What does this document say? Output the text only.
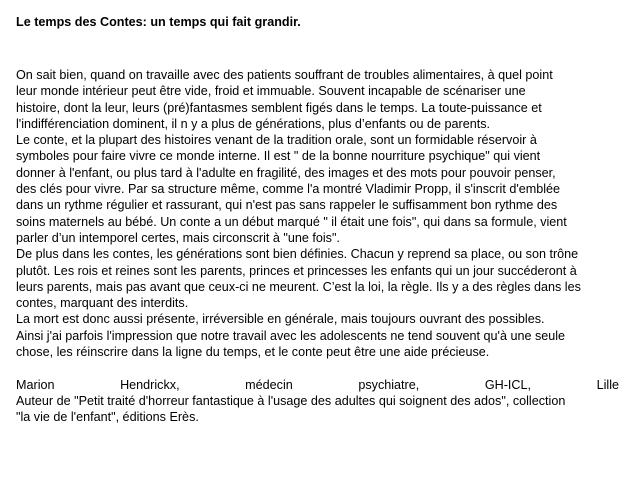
Le temps des Contes: un temps qui fait grandir.
On sait bien, quand on travaille avec des patients souffrant de troubles alimentaires, à quel point
leur monde intérieur peut être vide, froid et immuable. Souvent incapable de scénariser une
histoire, dont la leur, leurs (pré)fantasmes semblent figés dans le temps. La toute-puissance et
l'indifférenciation dominent, il n y a plus de générations, plus d’enfants ou de parents.
Le conte, et la plupart des histoires venant de la tradition orale, sont un formidable réservoir à
symboles pour faire vivre ce monde interne. Il est " de la bonne nourriture psychique" qui vient
donner à l'enfant, ou plus tard à l'adulte en fragilité, des images et des mots pour pouvoir penser,
des clés pour vivre. Par sa structure même, comme l'a montré Vladimir Propp, il s'inscrit d'emblée
dans un rythme régulier et rassurant, qui n'est pas sans rappeler le suffisamment bon rythme des
soins maternels au bébé. Un conte a un début marqué " il était une fois", qui dans sa formule, vient
parler d’un intemporel certes, mais circonscrit à "une fois".
De plus dans les contes, les générations sont bien définies. Chacun y reprend sa place, ou son trône
plutôt. Les rois et reines sont les parents, princes et princesses les enfants qui un jour succéderont à
leurs parents, mais pas avant que ceux-ci ne meurent. C’est la loi, la règle. Ils y a des règles dans les
contes, marquant des interdits.
La mort est donc aussi présente, irréversible en générale, mais toujours ouvrant des possibles.
Ainsi j'ai parfois l'impression que notre travail avec les adolescents ne tend souvent qu'à une seule
chose, les réinscrire dans la ligne du temps, et le conte peut être une aide précieuse.
Marion	Hendrickx,	médecin	psychiatre,	GH-ICL,	Lille
Auteur de "Petit traité d'horreur fantastique à l'usage des adultes qui soignent des ados", collection
"la vie de l'enfant", éditions Erès.
